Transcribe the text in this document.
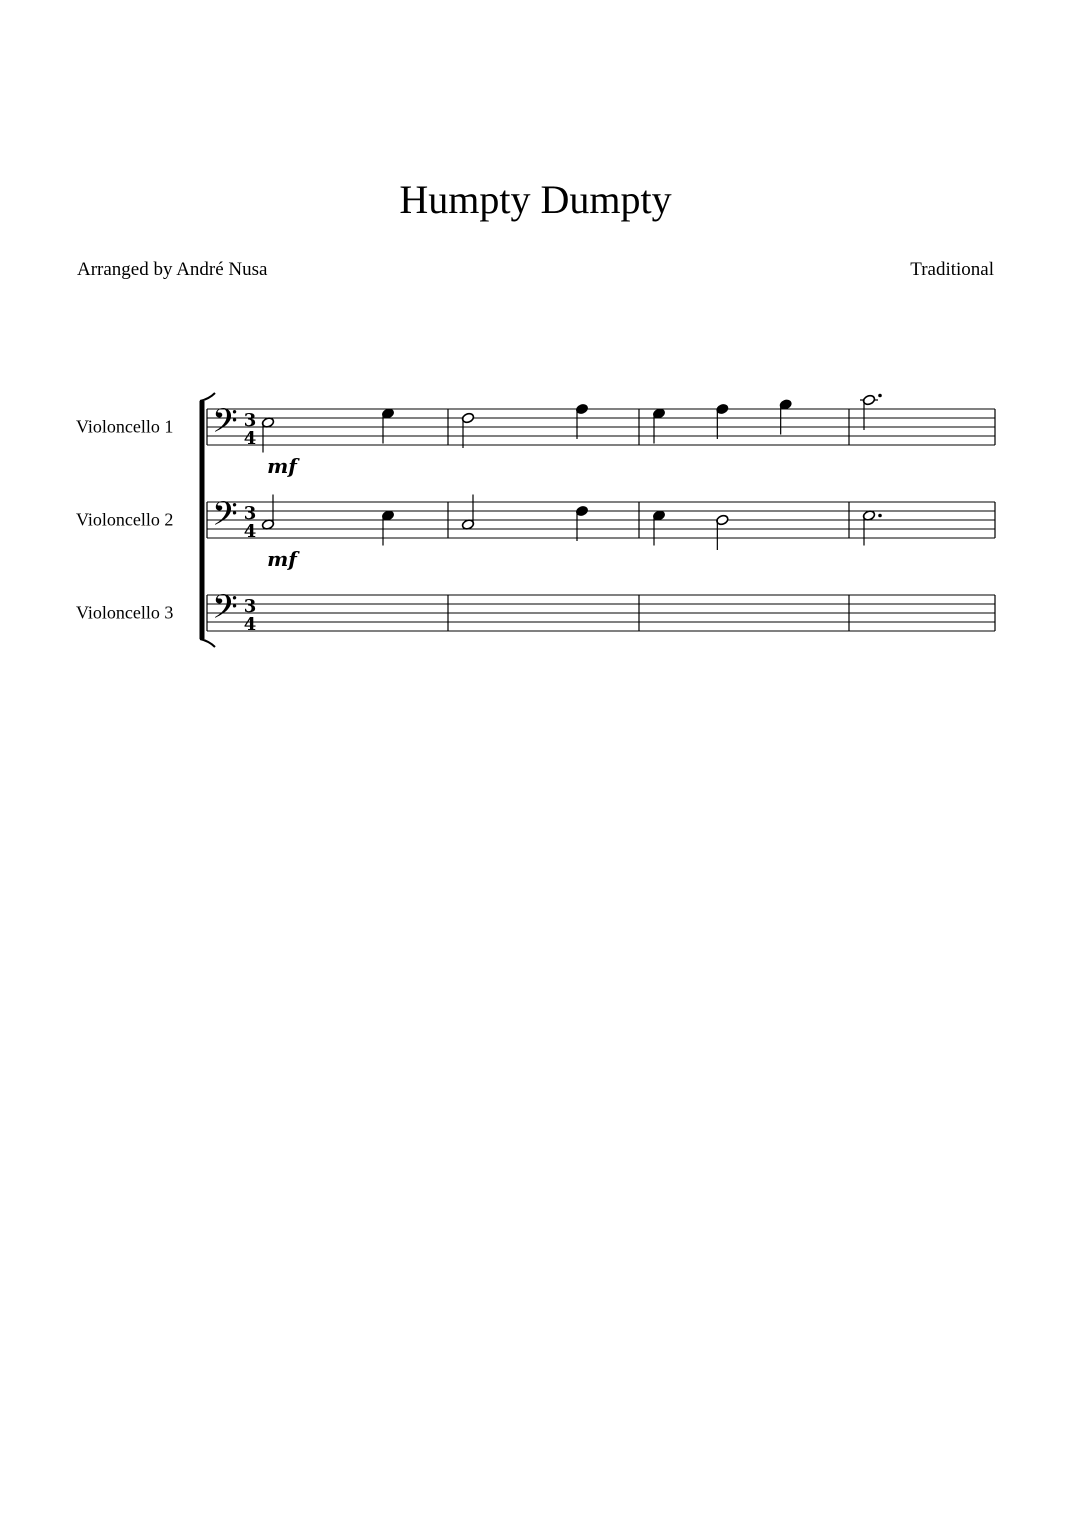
Humpty Dumpty
Arranged by André Nusa	Traditional
𝄢 3
4
Violoncello 1
mf
𝄢 3
4
Violoncello 2
mf
𝄢 3
4
Violoncello 3
